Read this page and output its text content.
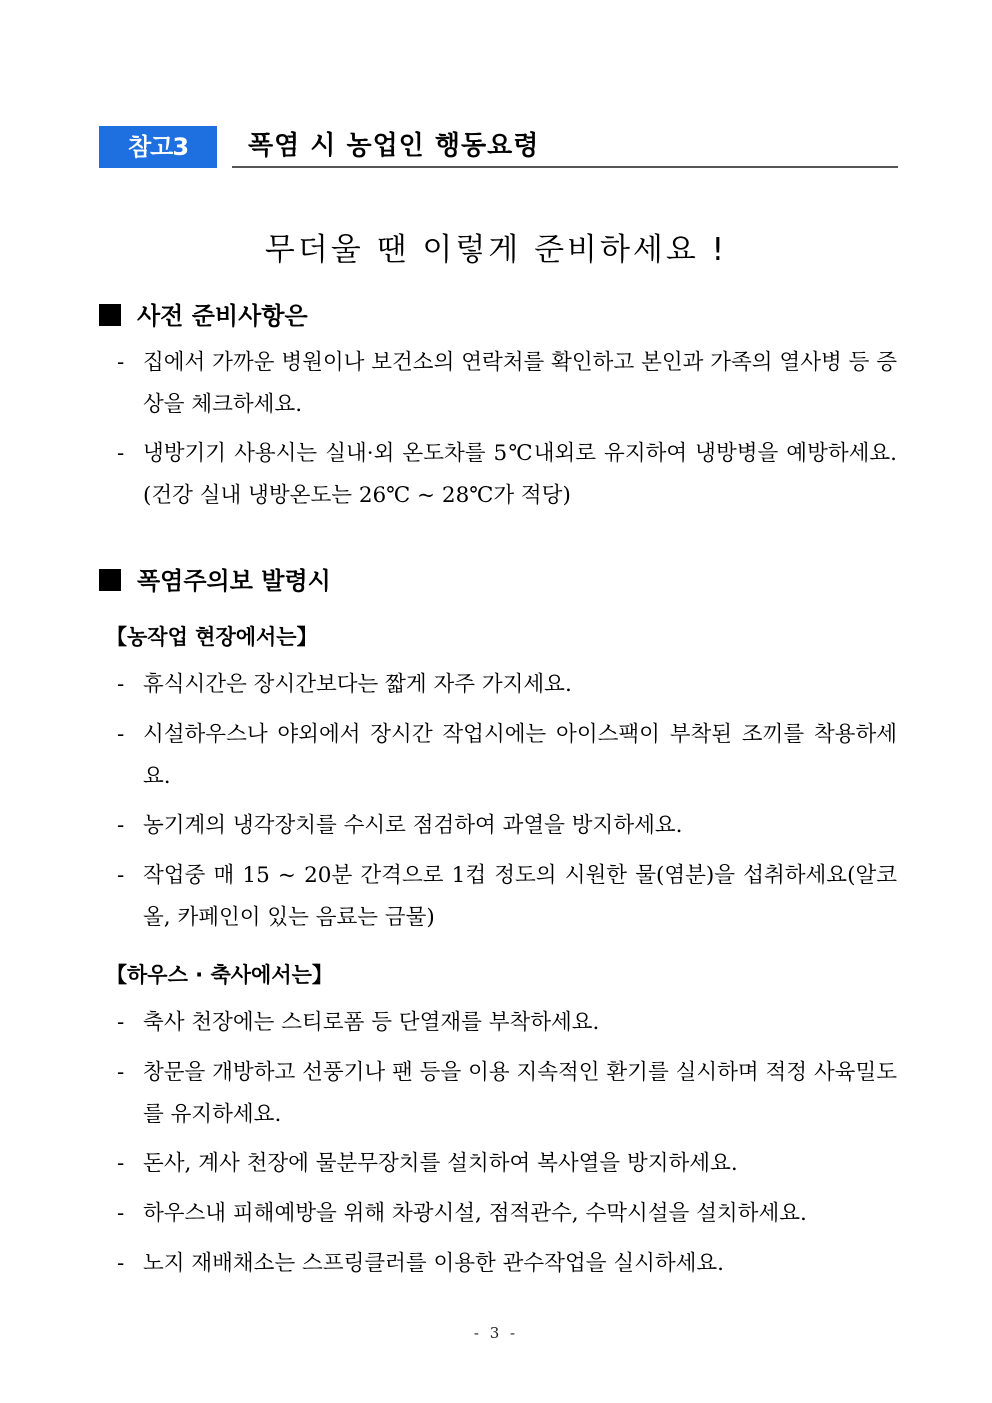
참고3	폭염 시 농업인 행동요령
무더울 땐 이렇게 준비하세요 !
사전 준비사항은
- 집에서 가까운 병원이나 보건소의 연락처를 확인하고 본인과 가족의 열사병 등 증상을 체크하세요.
- 냉방기기 사용시는 실내·외 온도차를 5℃내외로 유지하여 냉방병을 예방하세요.(건강 실내 냉방온도는 26℃ ~ 28℃가 적당)
폭염주의보 발령시
【농작업 현장에서는】
- 휴식시간은 장시간보다는 짧게 자주 가지세요.
- 시설하우스나 야외에서 장시간 작업시에는 아이스팩이 부착된 조끼를 착용하세요.
- 농기계의 냉각장치를 수시로 점검하여 과열을 방지하세요.
- 작업중 매 15 ~ 20분 간격으로 1컵 정도의 시원한 물(염분)을 섭취하세요(알코올, 카페인이 있는 음료는 금물)
【하우스 · 축사에서는】
- 축사 천장에는 스티로폼 등 단열재를 부착하세요.
- 창문을 개방하고 선풍기나 팬 등을 이용 지속적인 환기를 실시하며 적정 사육밀도를 유지하세요.
- 돈사, 계사 천장에 물분무장치를 설치하여 복사열을 방지하세요.
- 하우스내 피해예방을 위해 차광시설, 점적관수, 수막시설을 설치하세요.
- 노지 재배채소는 스프링클러를 이용한 관수작업을 실시하세요.
- 3 -
